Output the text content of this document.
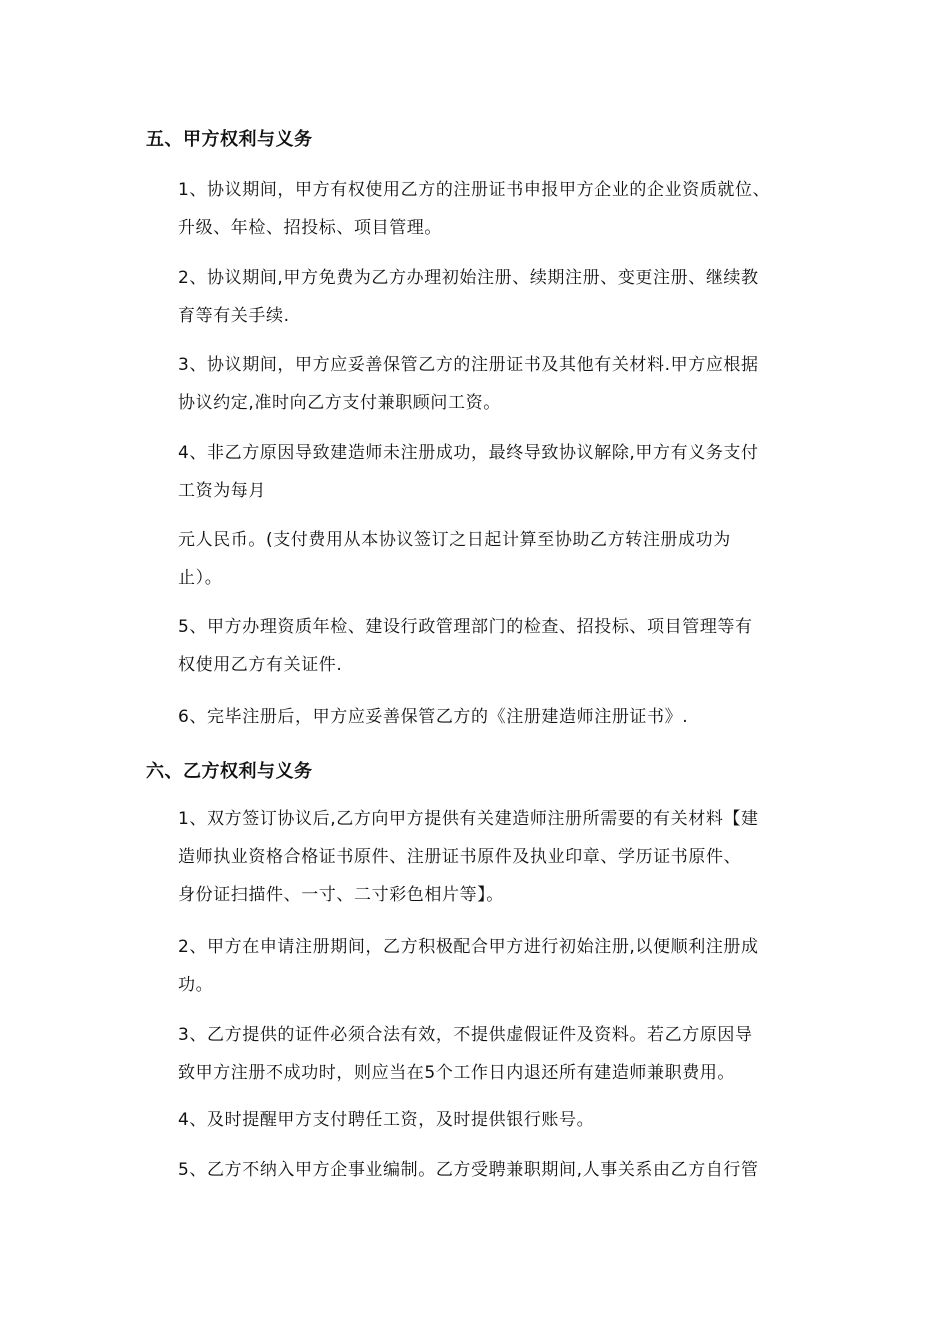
五、甲方权利与义务
1、协议期间，甲方有权使用乙方的注册证书申报甲方企业的企业资质就位、
升级、年检、招投标、项目管理。
2、协议期间,甲方免费为乙方办理初始注册、续期注册、变更注册、继续教
育等有关手续.
3、协议期间，甲方应妥善保管乙方的注册证书及其他有关材料.甲方应根据
协议约定,准时向乙方支付兼职顾问工资。
4、非乙方原因导致建造师未注册成功，最终导致协议解除,甲方有义务支付
工资为每月
元人民币。(支付费用从本协议签订之日起计算至协助乙方转注册成功为
止）。
5、甲方办理资质年检、建设行政管理部门的检查、招投标、项目管理等有
权使用乙方有关证件.
6、完毕注册后，甲方应妥善保管乙方的《注册建造师注册证书》.
六、乙方权利与义务
1、双方签订协议后,乙方向甲方提供有关建造师注册所需要的有关材料【建
造师执业资格合格证书原件、注册证书原件及执业印章、学历证书原件、
身份证扫描件、一寸、二寸彩色相片等】。
2、甲方在申请注册期间，乙方积极配合甲方进行初始注册,以便顺利注册成
功。
3、乙方提供的证件必须合法有效，不提供虚假证件及资料。若乙方原因导
致甲方注册不成功时，则应当在5个工作日内退还所有建造师兼职费用。
4、及时提醒甲方支付聘任工资，及时提供银行账号。
5、乙方不纳入甲方企事业编制。乙方受聘兼职期间,人事关系由乙方自行管
